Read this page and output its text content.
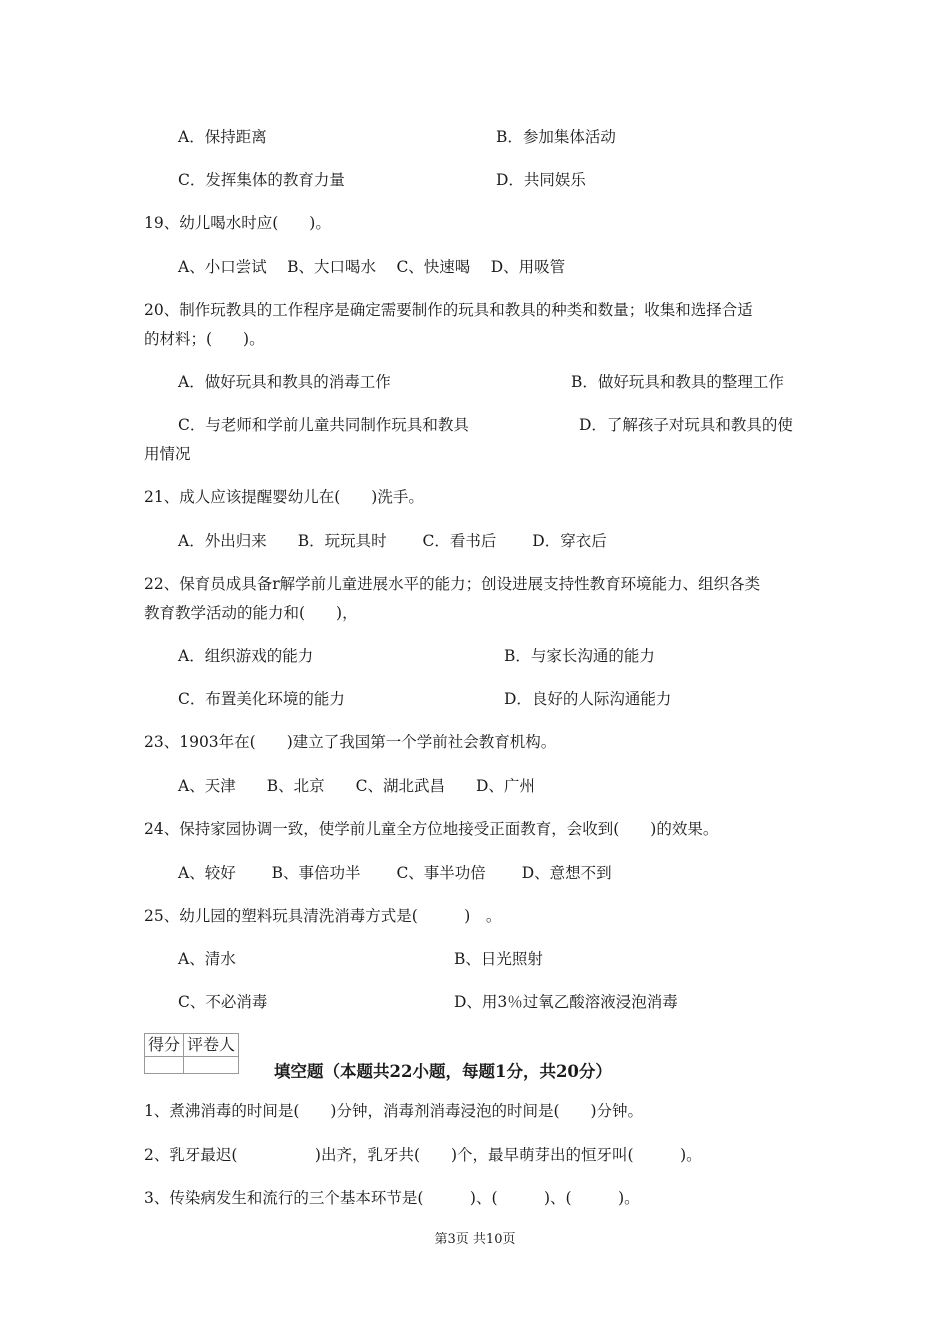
A．保持距离	B．参加集体活动
C．发挥集体的教育力量	D．共同娱乐
19、幼儿喝水时应(　　)。
A、小口尝试　 B、大口喝水　 C、快速喝　 D、用吸管
20、制作玩教具的工作程序是确定需要制作的玩具和教具的种类和数量；收集和选择合适
的材料；(　　)。
A．做好玩具和教具的消毒工作	B．做好玩具和教具的整理工作
C．与老师和学前儿童共同制作玩具和教具	D．了解孩子对玩具和教具的使
用情况
21、成人应该提醒婴幼儿在(　　)洗手。
A．外出归来　　B．玩玩具时　　 C．看书后　　 D．穿衣后
22、保育员成具备r解学前儿童进展水平的能力；创设进展支持性教育环境能力、组织各类
教育教学活动的能力和(　　)，
A．组织游戏的能力	B．与家长沟通的能力
C．布置美化环境的能力	D．良好的人际沟通能力
23、1903年在(　　)建立了我国第一个学前社会教育机构。
A、天津　　B、北京　　C、湖北武昌　　D、广州
24、保持家园协调一致，使学前儿童全方位地接受正面教育，会收到(　　)的效果。
A、较好　　 B、事倍功半　　 C、事半功倍　　 D、意想不到
25、幼儿园的塑料玩具清洗消毒方式是(　　　)　。
A、清水	B、日光照射
C、不必消毒	D、用3％过氧乙酸溶液浸泡消毒
得分	评卷人

填空题（本题共22小题，每题1分，共20分）
1、煮沸消毒的时间是(　　)分钟，消毒剂消毒浸泡的时间是(　　)分钟。
2、乳牙最迟(　　　　　)出齐，乳牙共(　　)个，最早萌芽出的恒牙叫(　　　)。
3、传染病发生和流行的三个基本环节是(　　　)、(　　　)、(　　　)。
第3页 共10页
